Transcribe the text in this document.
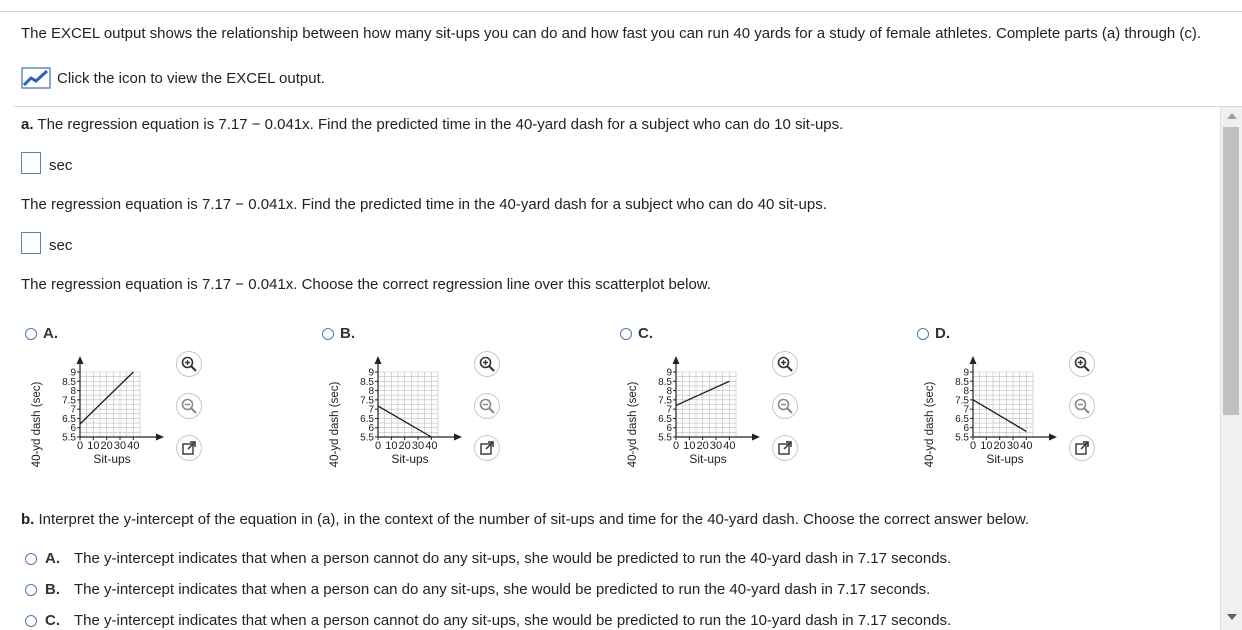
The EXCEL output shows the relationship between how many sit-ups you can do and how fast you can run 40 yards for a study of female athletes. Complete parts (a) through (c).
Click the icon to view the EXCEL output.
a. The regression equation is 7.17 − 0.041x. Find the predicted time in the 40-yard dash for a subject who can do 10 sit-ups.
sec
The regression equation is 7.17 − 0.041x. Find the predicted time in the 40-yard dash for a subject who can do 40 sit-ups.
sec
The regression equation is 7.17 − 0.041x. Choose the correct regression line over this scatterplot below.
A.
0 10 20 30 40
9
8.5
8
7.5
7
6.5
6
5.5
Sit-ups
40-yd dash (sec)
B.
0 10 20 30 40
9
8.5
8
7.5
7
6.5
6
5.5
Sit-ups
40-yd dash (sec)
C.
0 10 20 30 40
9
8.5
8
7.5
7
6.5
6
5.5
Sit-ups
40-yd dash (sec)
D.
0 10 20 30 40
9
8.5
8
7.5
7
6.5
6
5.5
Sit-ups
40-yd dash (sec)
b. Interpret the y-intercept of the equation in (a), in the context of the number of sit-ups and time for the 40-yard dash. Choose the correct answer below.
A. The y-intercept indicates that when a person cannot do any sit-ups, she would be predicted to run the 40-yard dash in 7.17 seconds.
B. The y-intercept indicates that when a person can do any sit-ups, she would be predicted to run the 40-yard dash in 7.17 seconds.
C. The y-intercept indicates that when a person cannot do any sit-ups, she would be predicted to run the 10-yard dash in 7.17 seconds.
